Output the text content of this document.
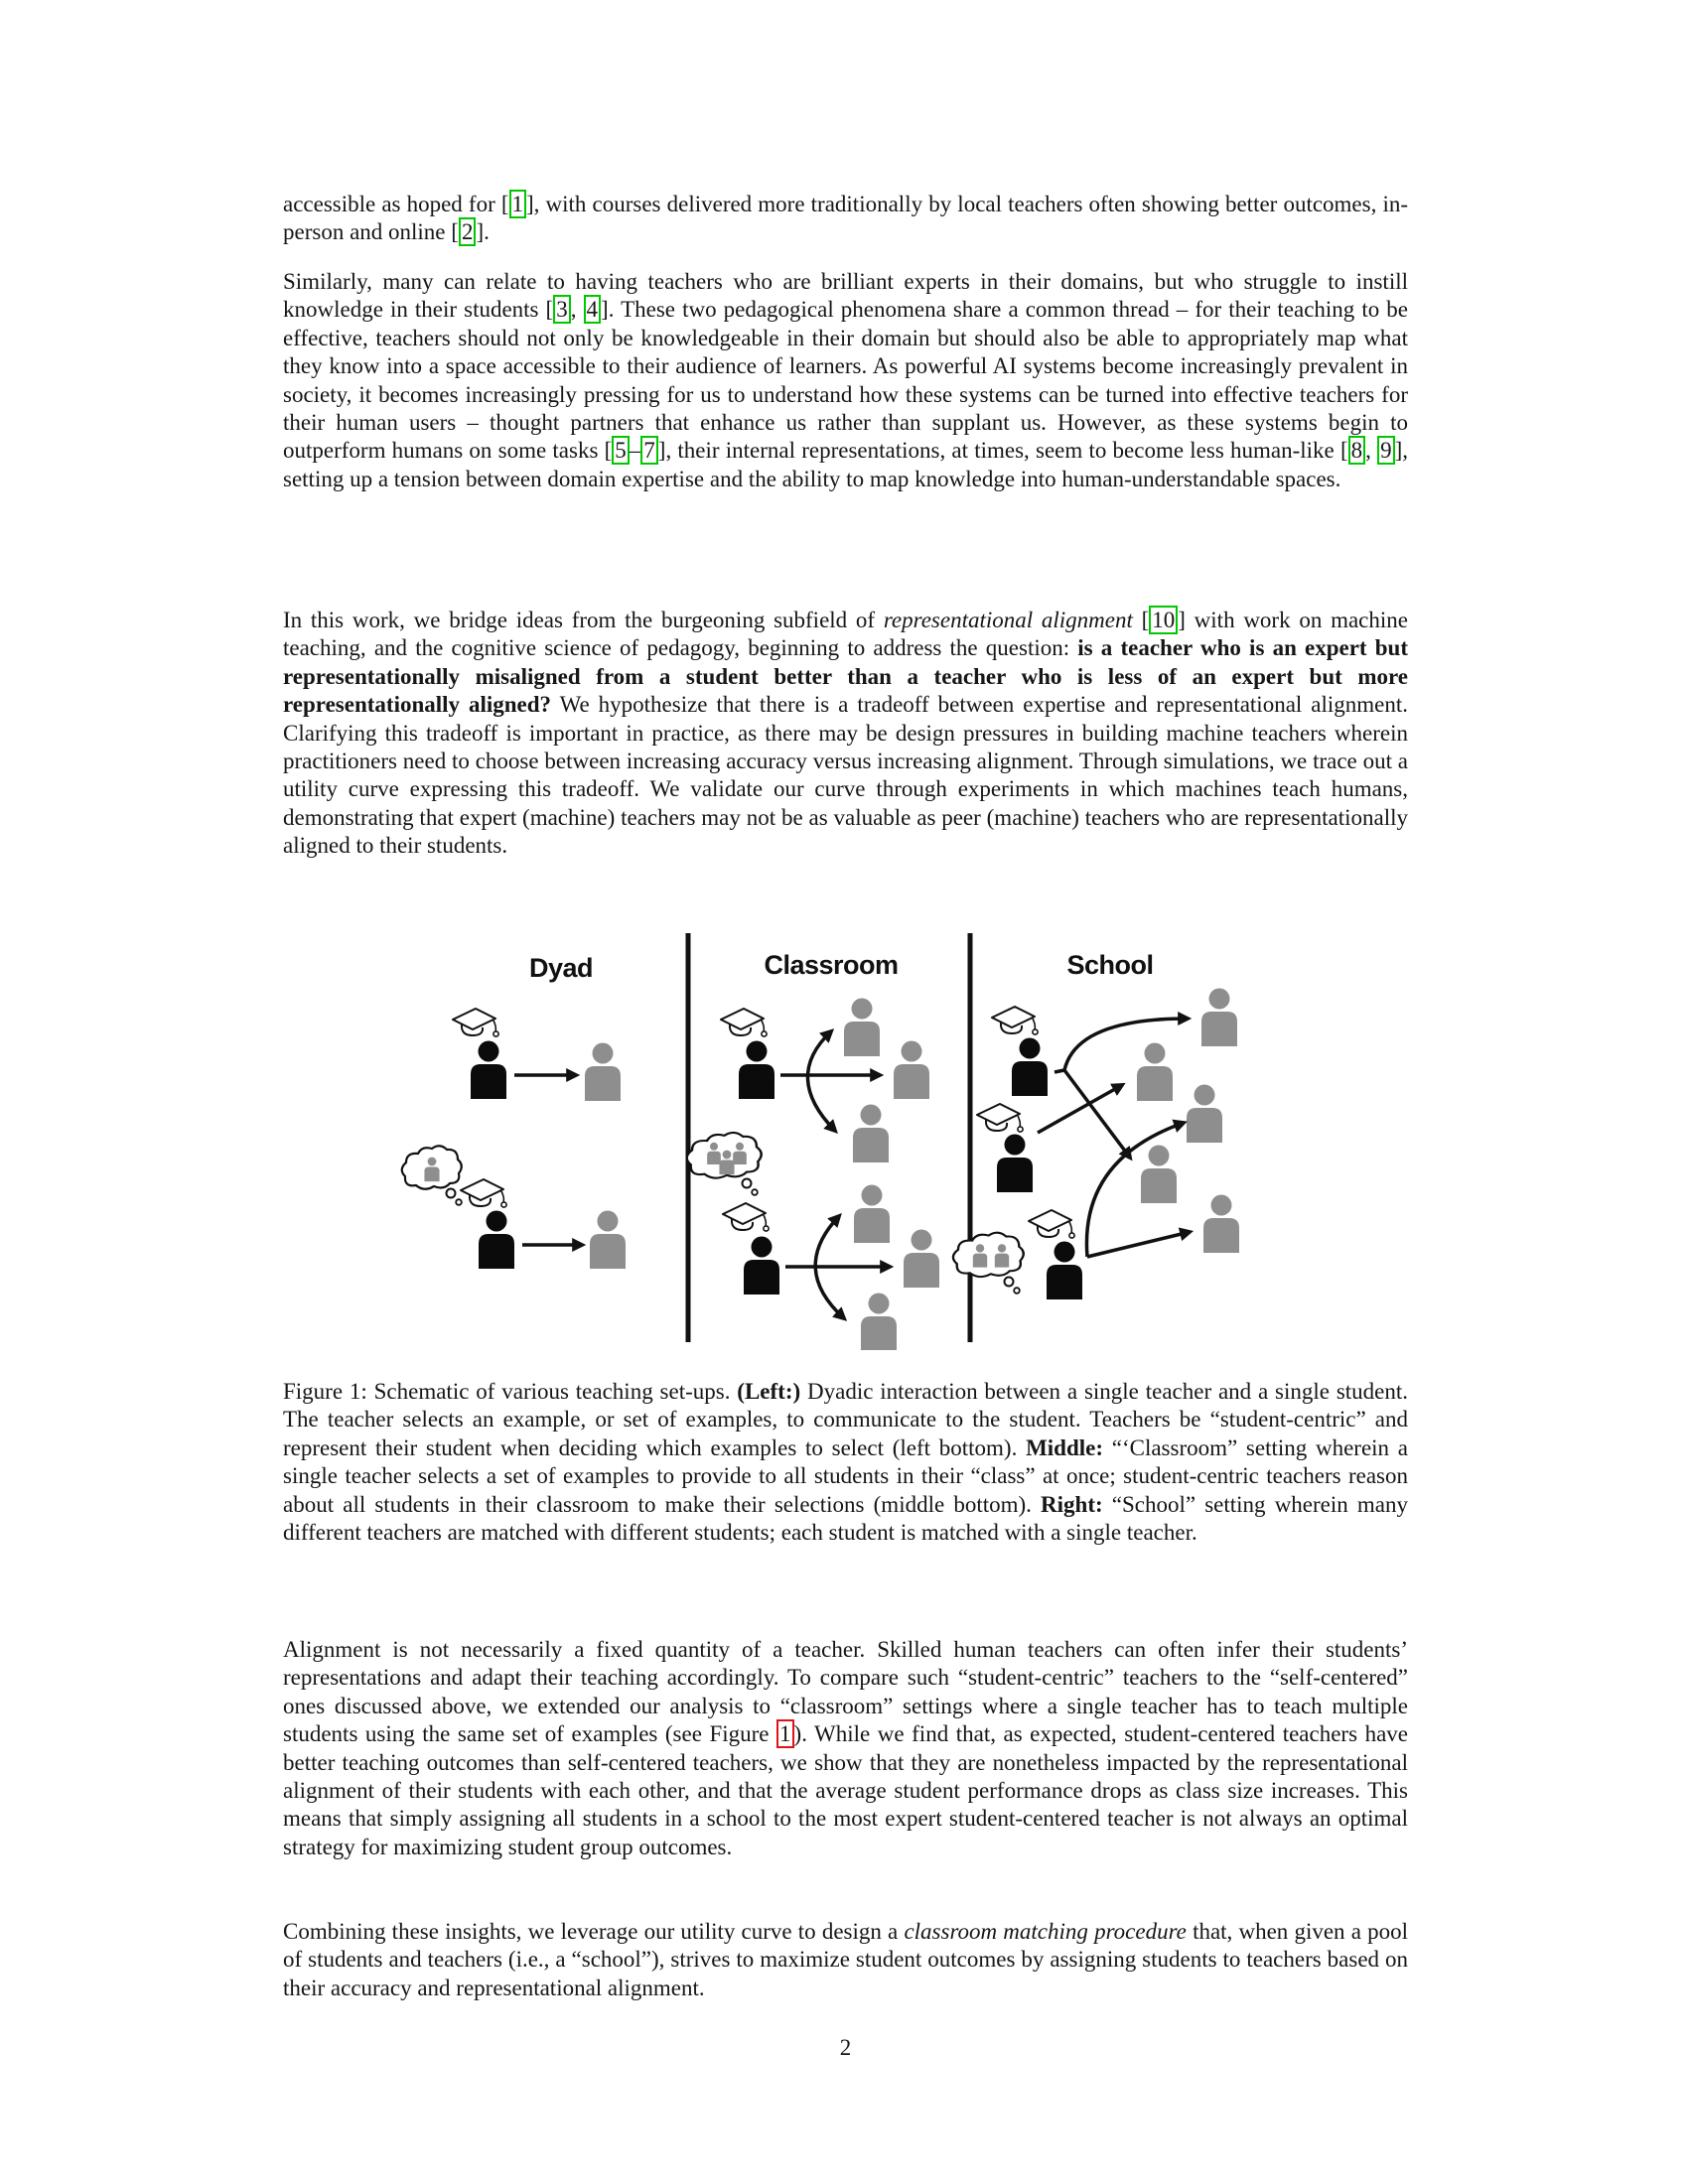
accessible as hoped for [ 1 ], with courses delivered more traditionally by local teachers often showing better outcomes, in-person and online [ 2 ].

Similarly, many can relate to having teachers who are brilliant experts in their domains, but who struggle to instill knowledge in their students [ 3 , 4 ]. These two pedagogical phenomena share a common thread – for their teaching to be effective, teachers should not only be knowledgeable in their domain but should also be able to appropriately map what they know into a space accessible to their audience of learners. As powerful AI systems become increasingly prevalent in society, it becomes increasingly pressing for us to understand how these systems can be turned into effective teachers for their human users – thought partners that enhance us rather than supplant us. However, as these systems begin to outperform humans on some tasks [ 5 – 7 ], their internal representations, at times, seem to become less human-like [ 8 , 9 ], setting up a tension between domain expertise and the ability to map knowledge into human-understandable spaces.

In this work, we bridge ideas from the burgeoning subfield of representational alignment [ 10 ] with work on machine teaching, and the cognitive science of pedagogy, beginning to address the question: is a teacher who is an expert but representationally misaligned from a student better than a teacher who is less of an expert but more representationally aligned? We hypothesize that there is a tradeoff between expertise and representational alignment. Clarifying this tradeoff is important in practice, as there may be design pressures in building machine teachers wherein practitioners need to choose between increasing accuracy versus increasing alignment. Through simulations, we trace out a utility curve expressing this tradeoff. We validate our curve through experiments in which machines teach humans, demonstrating that expert (machine) teachers may not be as valuable as peer (machine) teachers who are representationally aligned to their students.

Dyad	Classroom	School

Figure 1: Schematic of various teaching set-ups. (Left:) Dyadic interaction between a single teacher and a single student. The teacher selects an example, or set of examples, to communicate to the student. Teachers be “student-centric” and represent their student when deciding which examples to select (left bottom). Middle: “‘Classroom” setting wherein a single teacher selects a set of examples to provide to all students in their “class” at once; student-centric teachers reason about all students in their classroom to make their selections (middle bottom). Right: “School” setting wherein many different teachers are matched with different students; each student is matched with a single teacher.

Alignment is not necessarily a fixed quantity of a teacher. Skilled human teachers can often infer their students’ representations and adapt their teaching accordingly. To compare such “student-centric” teachers to the “self-centered” ones discussed above, we extended our analysis to “classroom” settings where a single teacher has to teach multiple students using the same set of examples (see Figure 1 ). While we find that, as expected, student-centered teachers have better teaching outcomes than self-centered teachers, we show that they are nonetheless impacted by the representational alignment of their students with each other, and that the average student performance drops as class size increases. This means that simply assigning all students in a school to the most expert student-centered teacher is not always an optimal strategy for maximizing student group outcomes.

Combining these insights, we leverage our utility curve to design a classroom matching procedure that, when given a pool of students and teachers (i.e., a “school”), strives to maximize student outcomes by assigning students to teachers based on their accuracy and representational alignment.

2
